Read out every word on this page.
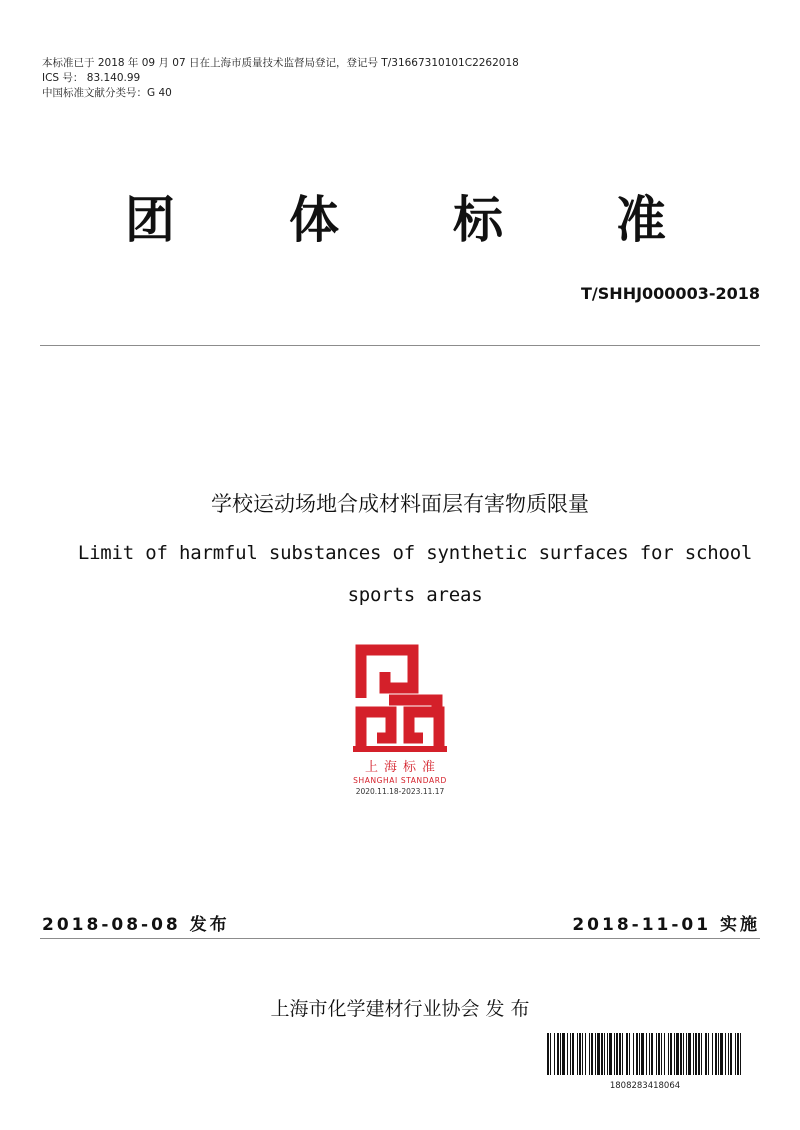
本标准已于 2018 年 09 月 07 日在上海市质量技术监督局登记，登记号 T/31667310101C2262018
ICS 号： 83.140.99
中国标准文献分类号：G 40
团 体 标 准
T/SHHJ000003-2018
学校运动场地合成材料面层有害物质限量
Limit of harmful substances of synthetic surfaces for school sports areas
上海标准
SHANGHAI STANDARD
2020.11.18-2023.11.17
2018-08-08 发布	2018-11-01 实施
上海市化学建材行业协会 发 布
1808283418064
